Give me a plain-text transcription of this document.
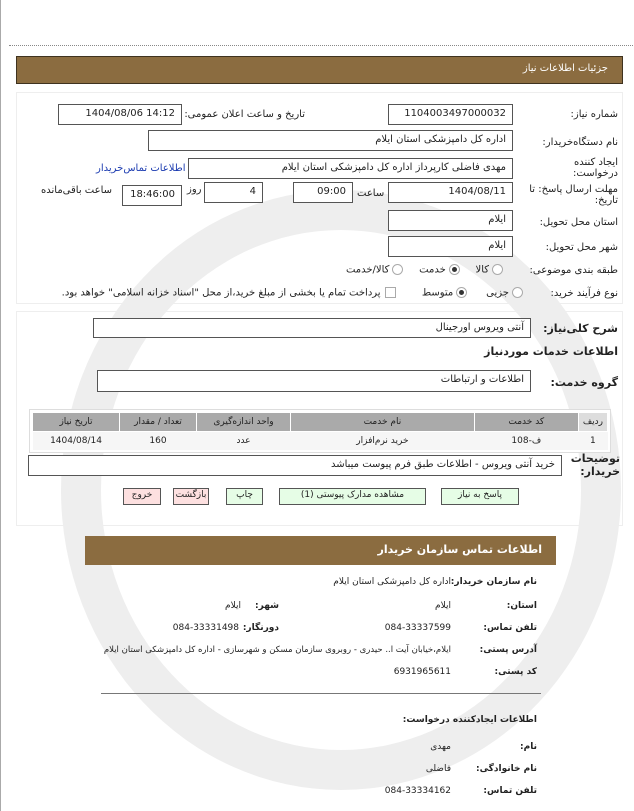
جزئیات اطلاعات نیاز
شماره نیاز:
1104003497000032
تاریخ و ساعت اعلان عمومی:
1404/08/06 14:12
نام دستگاه‌خریدار:
اداره کل دامپزشکی استان ایلام
ایجاد کننده درخواست:
مهدی فاضلی کارپرداز اداره کل دامپزشکی استان ایلام
اطلاعات تماس‌خریدار
مهلت ارسال پاسخ: تا تاریخ:
1404/08/11
ساعت
09:00
4
روز
18:46:00
ساعت باقی‌مانده
استان محل تحویل:
ایلام
شهر محل تحویل:
ایلام
طبقه بندی موضوعی:
کالا    خدمت    کالا/خدمت
نوع فرآیند خرید:
جزیی     متوسط       پرداخت تمام یا بخشی از مبلغ خرید،از محل "اسناد خزانه اسلامی" خواهد بود.
شرح کلی‌نیاز:
آنتی ویروس اورجینال
اطلاعات خدمات موردنیاز
گروه خدمت:
اطلاعات و ارتباطات
ردیف	کد خدمت	نام خدمت	واحد اندازه‌گیری	تعداد / مقدار	تاریخ نیاز
1	ف-108	خرید نرم‌افزار	عدد	160	1404/08/14
توضیحات خریدار:
خرید آنتی ویروس - اطلاعات طبق فرم پیوست میباشد
پاسخ به نیاز
مشاهده مدارک پیوستی (1)
چاپ
بازگشت
خروج
اطلاعات تماس سازمان خریدار
نام سازمان خریدار:
اداره کل دامپزشکی استان ایلام
استان:
ایلام
شهر:
ایلام
تلفن تماس:
084-33337599
دورنگار:
084-33331498
آدرس پستی:
ایلام،خیابان آیت ا.. حیدری - روبروی سازمان مسکن و شهرسازی - اداره کل دامپزشکی استان ایلام
کد پستی:
6931965611
اطلاعات ایجادکننده درخواست:
نام:
مهدی
نام خانوادگی:
فاضلی
تلفن تماس:
084-33334162
